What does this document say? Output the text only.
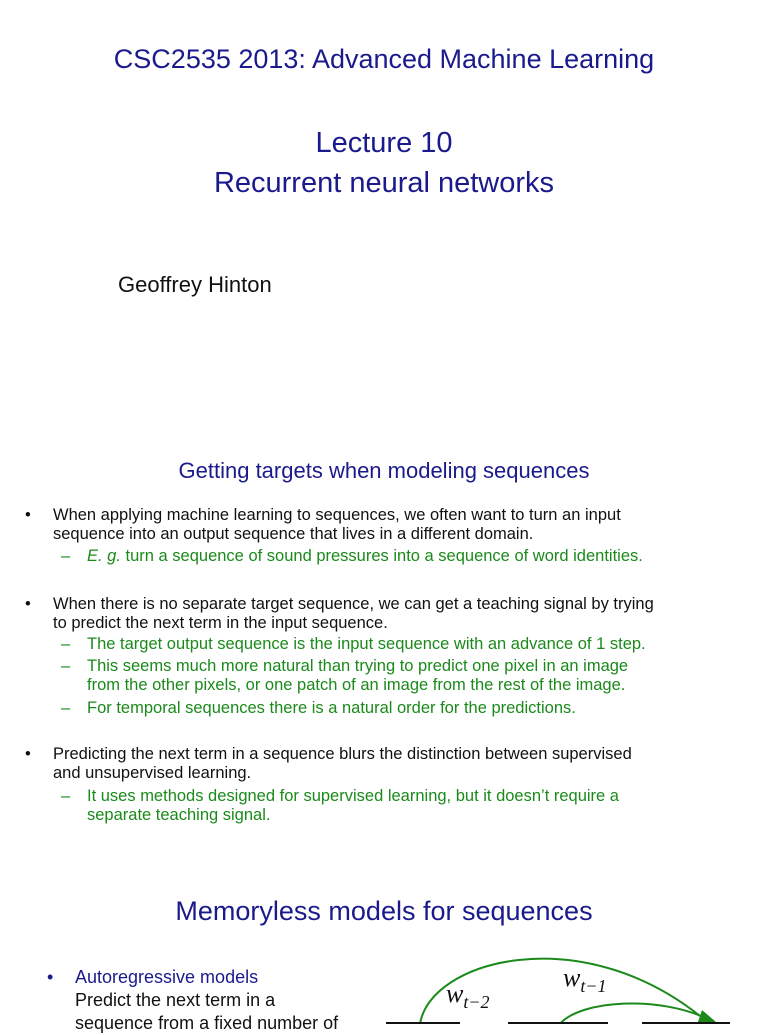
CSC2535 2013: Advanced Machine Learning
Lecture 10
Recurrent neural networks
Geoffrey Hinton
Getting targets when modeling sequences
• When applying machine learning to sequences, we often want to turn an input
sequence into an output sequence that lives in a different domain.
– E. g. turn a sequence of sound pressures into a sequence of word identities.
• When there is no separate target sequence, we can get a teaching signal by trying
to predict the next term in the input sequence.
– The target output sequence is the input sequence with an advance of 1 step.
– This seems much more natural than trying to predict one pixel in an image
from the other pixels, or one patch of an image from the rest of the image.
– For temporal sequences there is a natural order for the predictions.
• Predicting the next term in a sequence blurs the distinction between supervised
and unsupervised learning.
– It uses methods designed for supervised learning, but it doesn’t require a
separate teaching signal.
Memoryless models for sequences
• Autoregressive models
Predict the next term in a
sequence from a fixed number of
$w_{t-2}$
$w_{t-1}$
